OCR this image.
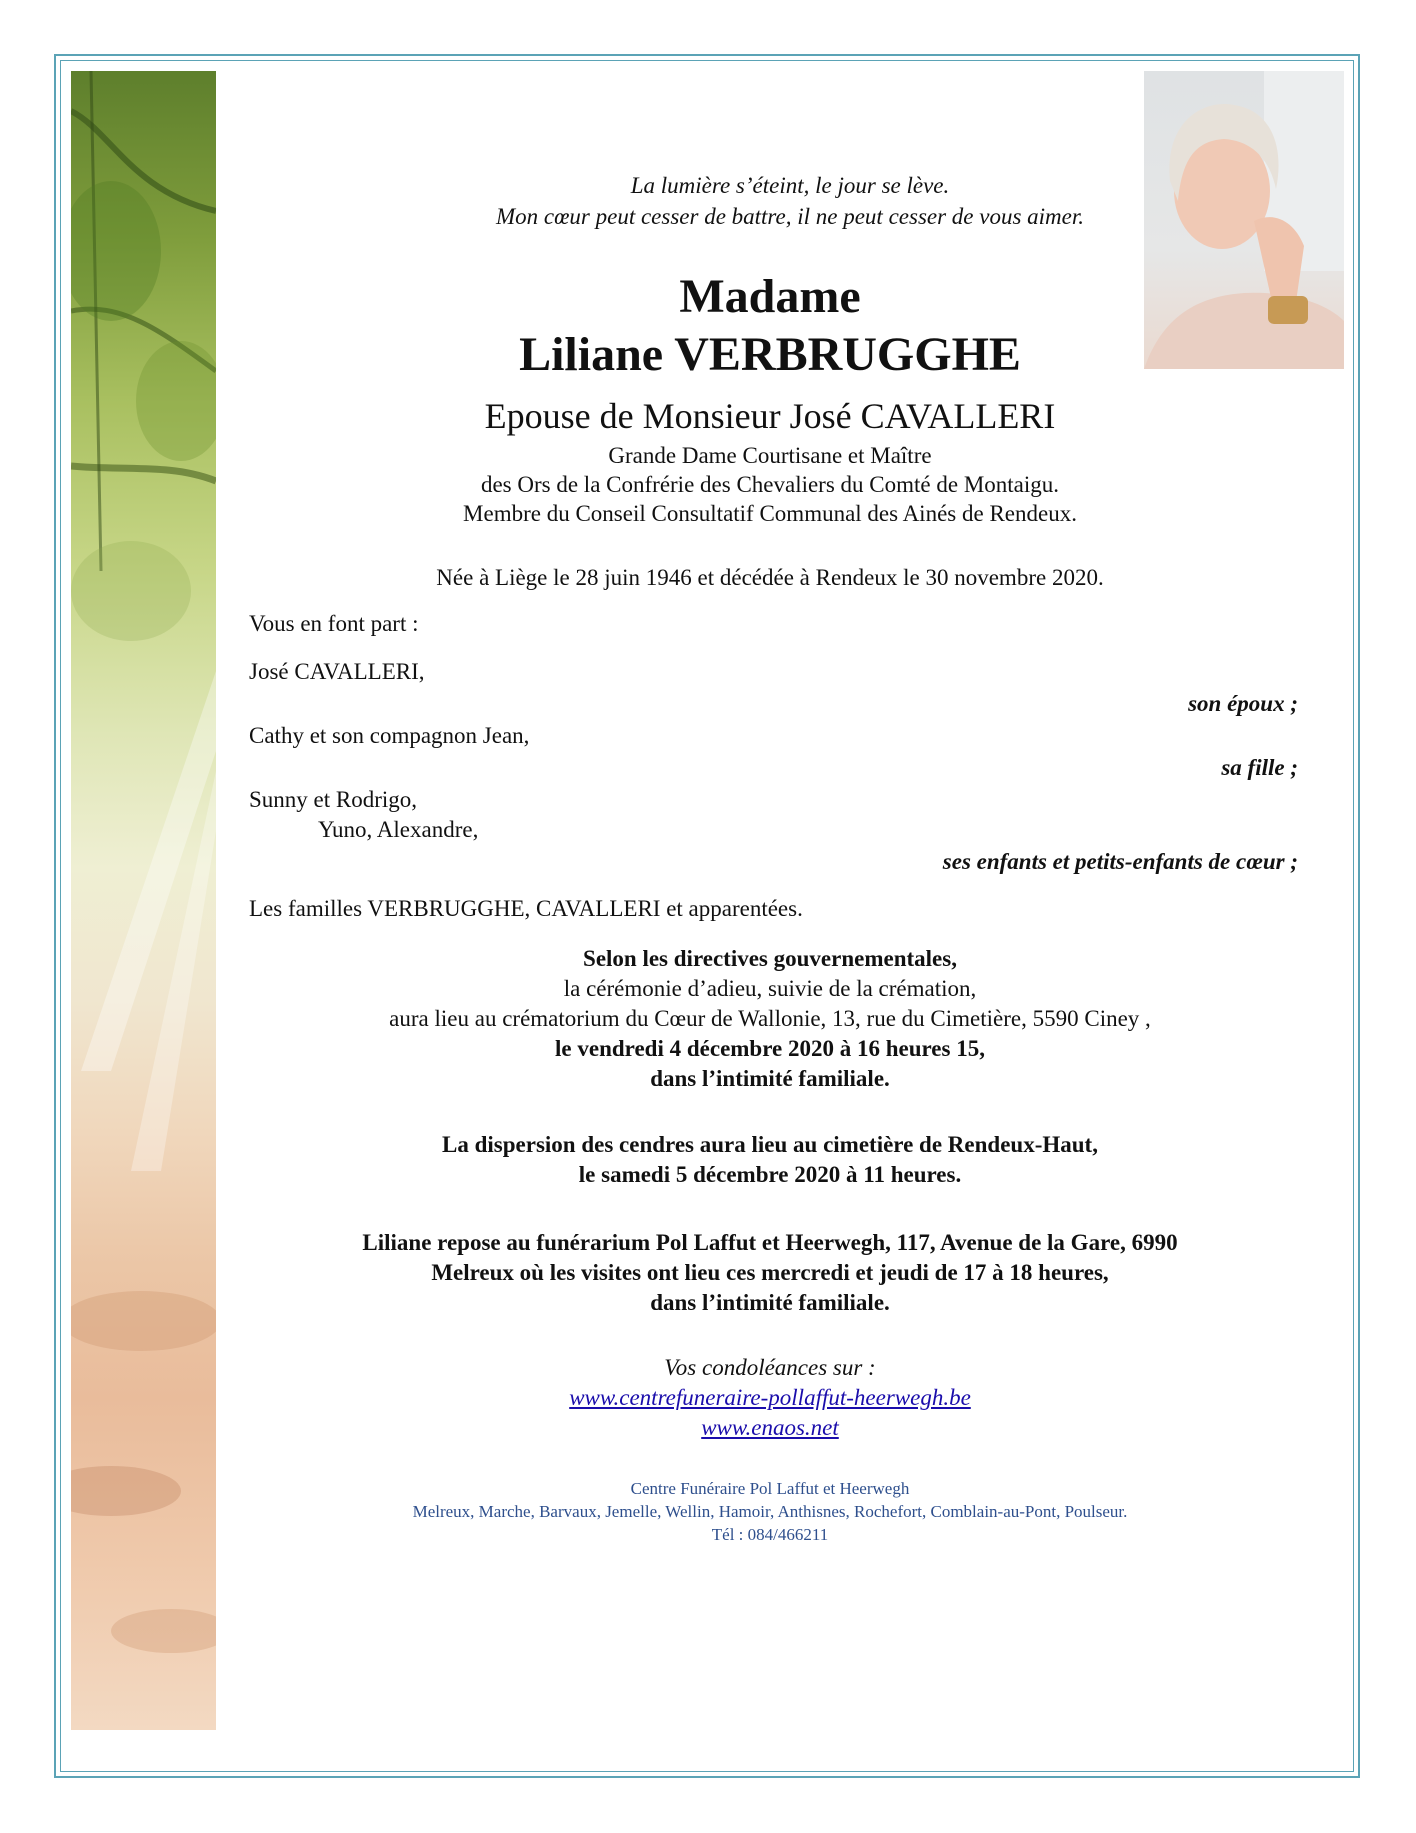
La lumière s’éteint, le jour se lève.
Mon cœur peut cesser de battre, il ne peut cesser de vous aimer.
Madame
Liliane VERBRUGGHE
Epouse de Monsieur José CAVALLERI
Grande Dame Courtisane et Maître
des Ors de la Confrérie des Chevaliers du Comté de Montaigu.
Membre du Conseil Consultatif Communal des Ainés de Rendeux.
Née à Liège le 28 juin 1946 et décédée à Rendeux le 30 novembre 2020.
Vous en font part :
José CAVALLERI,
son époux ;
Cathy et son compagnon Jean,
sa fille ;
Sunny et Rodrigo,
Yuno, Alexandre,
ses enfants et petits-enfants de cœur ;
Les familles VERBRUGGHE, CAVALLERI et apparentées.
Selon les directives gouvernementales,
la cérémonie d’adieu, suivie de la crémation,
aura lieu au crématorium du Cœur de Wallonie, 13, rue du Cimetière, 5590 Ciney ,
le vendredi 4 décembre 2020 à 16 heures 15,
dans l’intimité familiale.
La dispersion des cendres aura lieu au cimetière de Rendeux-Haut,
le samedi 5 décembre 2020 à 11 heures.
Liliane repose au funérarium Pol Laffut et Heerwegh, 117, Avenue de la Gare, 6990
Melreux où les visites ont lieu ces mercredi et jeudi de 17 à 18 heures,
dans l’intimité familiale.
Vos condoléances sur :
www.centrefuneraire-pollaffut-heerwegh.be
www.enaos.net
Centre Funéraire Pol Laffut et Heerwegh
Melreux, Marche, Barvaux, Jemelle, Wellin, Hamoir, Anthisnes, Rochefort, Comblain-au-Pont, Poulseur.
Tél : 084/466211
